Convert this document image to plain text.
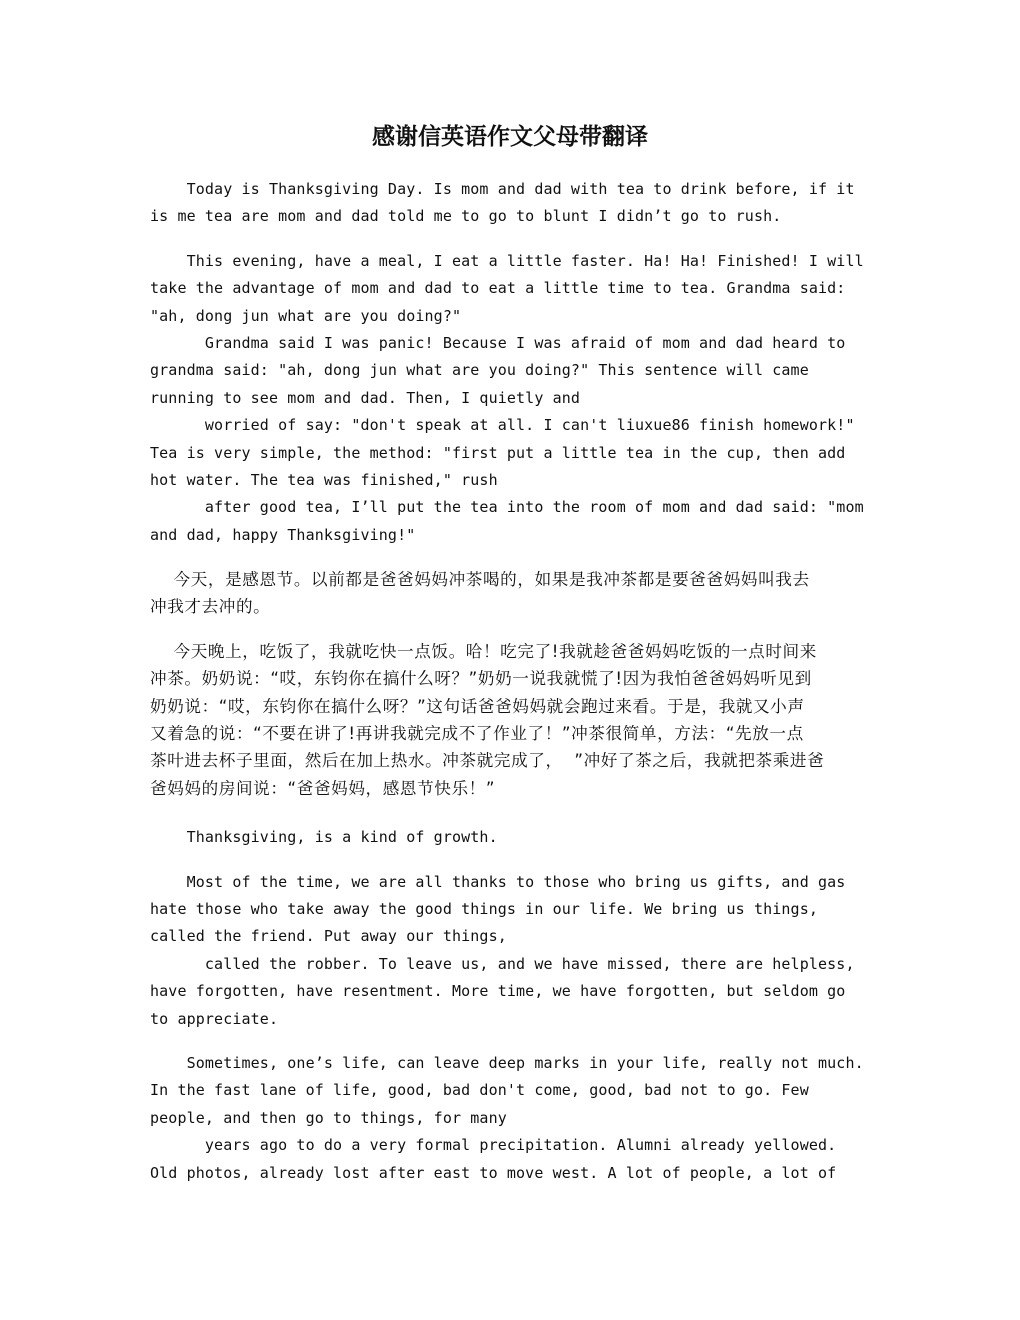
感谢信英语作文父母带翻译
Today is Thanksgiving Day. Is mom and dad with tea to drink before, if it
is me tea are mom and dad told me to go to blunt I didn’t go to rush.
This evening, have a meal, I eat a little faster. Ha! Ha! Finished! I will
take the advantage of mom and dad to eat a little time to tea. Grandma said:
"ah, dong jun what are you doing?"
Grandma said I was panic! Because I was afraid of mom and dad heard to
grandma said: "ah, dong jun what are you doing?" This sentence will came
running to see mom and dad. Then, I quietly and
worried of say: "don't speak at all. I can't liuxue86 finish homework!"
Tea is very simple, the method: "first put a little tea in the cup, then add
hot water. The tea was finished," rush
after good tea, I’ll put the tea into the room of mom and dad said: "mom
and dad, happy Thanksgiving!"
今天，是感恩节。以前都是爸爸妈妈冲茶喝的，如果是我冲茶都是要爸爸妈妈叫我去
冲我才去冲的。
今天晚上，吃饭了，我就吃快一点饭。哈！吃完了!我就趁爸爸妈妈吃饭的一点时间来
冲茶。奶奶说：“哎，东钧你在搞什么呀？”奶奶一说我就慌了!因为我怕爸爸妈妈听见到
奶奶说：“哎，东钧你在搞什么呀？”这句话爸爸妈妈就会跑过来看。于是，我就又小声
又着急的说：“不要在讲了!再讲我就完成不了作业了！”冲茶很简单，方法：“先放一点
茶叶进去杯子里面，然后在加上热水。冲茶就完成了，  ”冲好了茶之后，我就把茶乘进爸
爸妈妈的房间说：“爸爸妈妈，感恩节快乐！”
Thanksgiving, is a kind of growth.
Most of the time, we are all thanks to those who bring us gifts, and gas
hate those who take away the good things in our life. We bring us things,
called the friend. Put away our things,
called the robber. To leave us, and we have missed, there are helpless,
have forgotten, have resentment. More time, we have forgotten, but seldom go
to appreciate.
Sometimes, one’s life, can leave deep marks in your life, really not much.
In the fast lane of life, good, bad don't come, good, bad not to go. Few
people, and then go to things, for many
years ago to do a very formal precipitation. Alumni already yellowed.
Old photos, already lost after east to move west. A lot of people, a lot of
